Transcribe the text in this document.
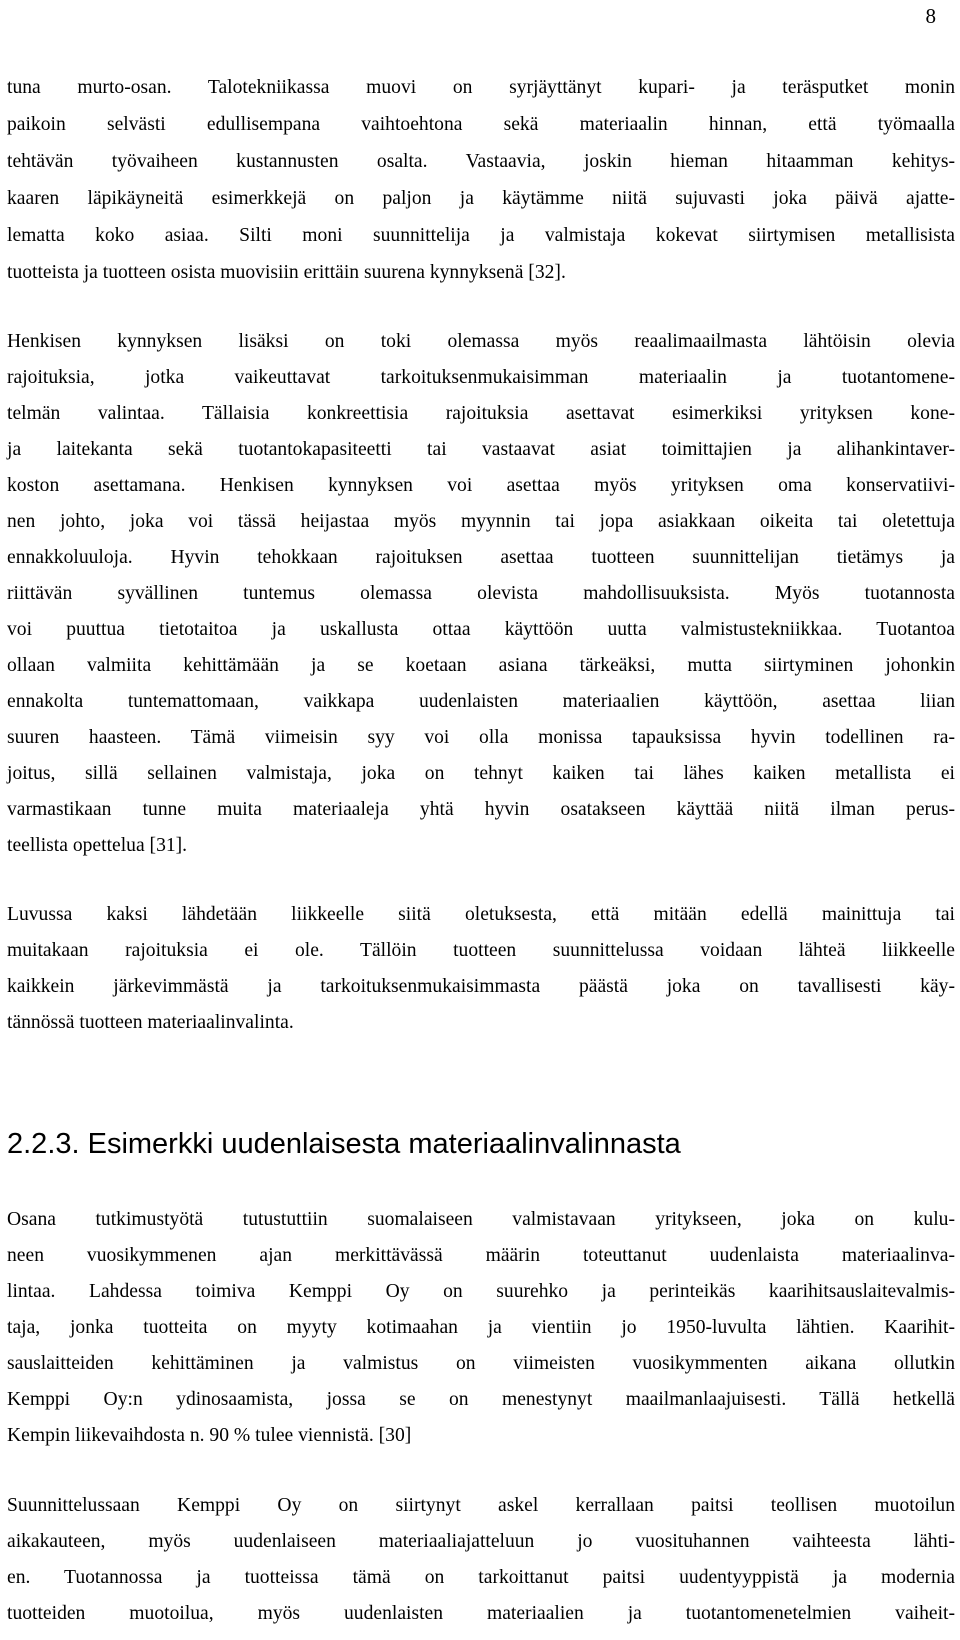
8
tuna murto-osan. Talotekniikassa muovi on syrjäyttänyt kupari- ja teräsputket monin
paikoin selvästi edullisempana vaihtoehtona sekä materiaalin hinnan, että työmaalla
tehtävän työvaiheen kustannusten osalta. Vastaavia, joskin hieman hitaamman kehitys-
kaaren läpikäyneitä esimerkkejä on paljon ja käytämme niitä sujuvasti joka päivä ajatte-
lematta koko asiaa. Silti moni suunnittelija ja valmistaja kokevat siirtymisen metallisista
tuotteista ja tuotteen osista muovisiin erittäin suurena kynnyksenä [32].
Henkisen kynnyksen lisäksi on toki olemassa myös reaalimaailmasta lähtöisin olevia
rajoituksia, jotka vaikeuttavat tarkoituksenmukaisimman materiaalin ja tuotantomene-
telmän valintaa. Tällaisia konkreettisia rajoituksia asettavat esimerkiksi yrityksen kone-
ja laitekanta sekä tuotantokapasiteetti tai vastaavat asiat toimittajien ja alihankintaver-
koston asettamana. Henkisen kynnyksen voi asettaa myös yrityksen oma konservatiivi-
nen johto, joka voi tässä heijastaa myös myynnin tai jopa asiakkaan oikeita tai oletettuja
ennakkoluuloja. Hyvin tehokkaan rajoituksen asettaa tuotteen suunnittelijan tietämys ja
riittävän syvällinen tuntemus olemassa olevista mahdollisuuksista. Myös tuotannosta
voi puuttua tietotaitoa ja uskallusta ottaa käyttöön uutta valmistustekniikkaa. Tuotantoa
ollaan valmiita kehittämään ja se koetaan asiana tärkeäksi, mutta siirtyminen johonkin
ennakolta tuntemattomaan, vaikkapa uudenlaisten materiaalien käyttöön, asettaa liian
suuren haasteen. Tämä viimeisin syy voi olla monissa tapauksissa hyvin todellinen ra-
joitus, sillä sellainen valmistaja, joka on tehnyt kaiken tai lähes kaiken metallista ei
varmastikaan tunne muita materiaaleja yhtä hyvin osatakseen käyttää niitä ilman perus-
teellista opettelua [31].
Luvussa kaksi lähdetään liikkeelle siitä oletuksesta, että mitään edellä mainittuja tai
muitakaan rajoituksia ei ole. Tällöin tuotteen suunnittelussa voidaan lähteä liikkeelle
kaikkein järkevimmästä ja tarkoituksenmukaisimmasta päästä joka on tavallisesti käy-
tännössä tuotteen materiaalinvalinta.
2.2.3. Esimerkki uudenlaisesta materiaalinvalinnasta
Osana tutkimustyötä tutustuttiin suomalaiseen valmistavaan yritykseen, joka on kulu-
neen vuosikymmenen ajan merkittävässä määrin toteuttanut uudenlaista materiaalinva-
lintaa. Lahdessa toimiva Kemppi Oy on suurehko ja perinteikäs kaarihitsauslaitevalmis-
taja, jonka tuotteita on myyty kotimaahan ja vientiin jo 1950-luvulta lähtien. Kaarihit-
sauslaitteiden kehittäminen ja valmistus on viimeisten vuosikymmenten aikana ollutkin
Kemppi Oy:n ydinosaamista, jossa se on menestynyt maailmanlaajuisesti. Tällä hetkellä
Kempin liikevaihdosta n. 90 % tulee viennistä. [30]
Suunnittelussaan Kemppi Oy on siirtynyt askel kerrallaan paitsi teollisen muotoilun
aikakauteen, myös uudenlaiseen materiaaliajatteluun jo vuosituhannen vaihteesta lähti-
en. Tuotannossa ja tuotteissa tämä on tarkoittanut paitsi uudentyyppistä ja modernia
tuotteiden muotoilua, myös uudenlaisten materiaalien ja tuotantomenetelmien vaiheit-
